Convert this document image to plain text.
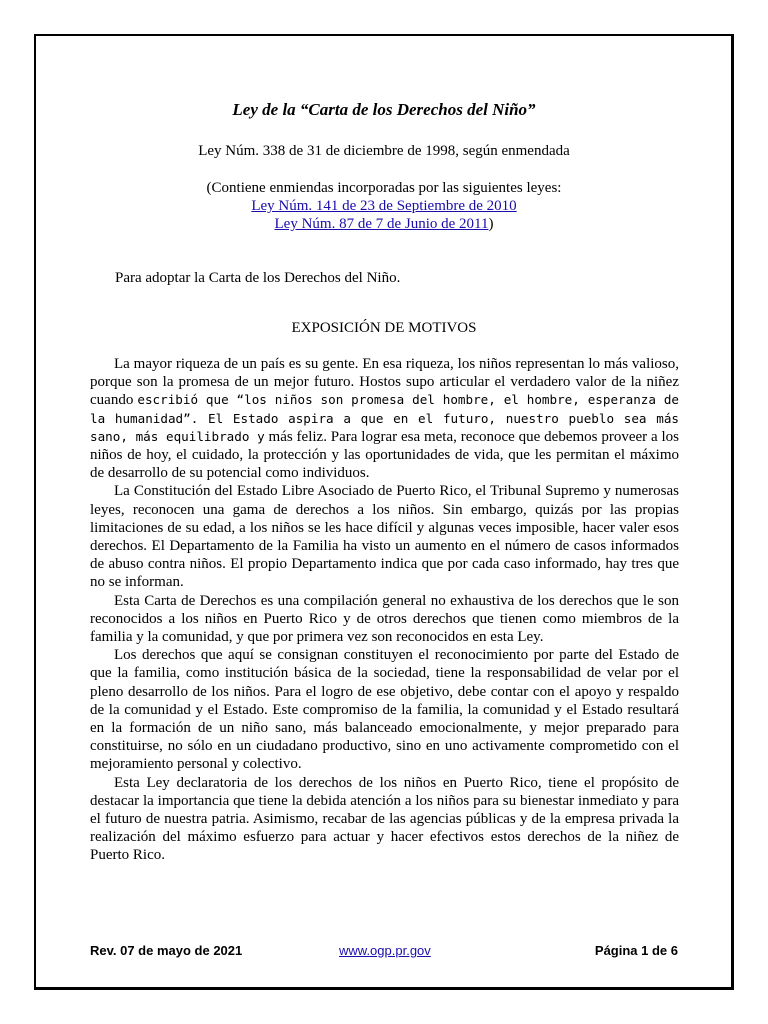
Ley de la “Carta de los Derechos del Niño”
Ley Núm. 338 de 31 de diciembre de 1998, según enmendada
(Contiene enmiendas incorporadas por las siguientes leyes:
Ley Núm. 141 de 23 de Septiembre de 2010
Ley Núm. 87 de 7 de Junio de 2011)
Para adoptar la Carta de los Derechos del Niño.
EXPOSICIÓN DE MOTIVOS

La mayor riqueza de un país es su gente. En esa riqueza, los niños representan lo más valioso, porque son la promesa de un mejor futuro. Hostos supo articular el verdadero valor de la niñez cuando escribió que “los niños son promesa del hombre, el hombre, esperanza de la humanidad”. El Estado aspira a que en el futuro, nuestro pueblo sea más sano, más equilibrado y más feliz. Para lograr esa meta, reconoce que debemos proveer a los niños de hoy, el cuidado, la protección y las oportunidades de vida, que les permitan el máximo de desarrollo de su potencial como individuos.

La Constitución del Estado Libre Asociado de Puerto Rico, el Tribunal Supremo y numerosas leyes, reconocen una gama de derechos a los niños. Sin embargo, quizás por las propias limitaciones de su edad, a los niños se les hace difícil y algunas veces imposible, hacer valer esos derechos. El Departamento de la Familia ha visto un aumento en el número de casos informados de abuso contra niños. El propio Departamento indica que por cada caso informado, hay tres que no se informan.

Esta Carta de Derechos es una compilación general no exhaustiva de los derechos que le son reconocidos a los niños en Puerto Rico y de otros derechos que tienen como miembros de la familia y la comunidad, y que por primera vez son reconocidos en esta Ley.

Los derechos que aquí se consignan constituyen el reconocimiento por parte del Estado de que la familia, como institución básica de la sociedad, tiene la responsabilidad de velar por el pleno desarrollo de los niños. Para el logro de ese objetivo, debe contar con el apoyo y respaldo de la comunidad y el Estado. Este compromiso de la familia, la comunidad y el Estado resultará en la formación de un niño sano, más balanceado emocionalmente, y mejor preparado para constituirse, no sólo en un ciudadano productivo, sino en uno activamente comprometido con el mejoramiento personal y colectivo.

Esta Ley declaratoria de los derechos de los niños en Puerto Rico, tiene el propósito de destacar la importancia que tiene la debida atención a los niños para su bienestar inmediato y para el futuro de nuestra patria. Asimismo, recabar de las agencias públicas y de la empresa privada la realización del máximo esfuerzo para actuar y hacer efectivos estos derechos de la niñez de Puerto Rico.

Rev. 07 de mayo de 2021	www.ogp.pr.gov	Página 1 de 6
